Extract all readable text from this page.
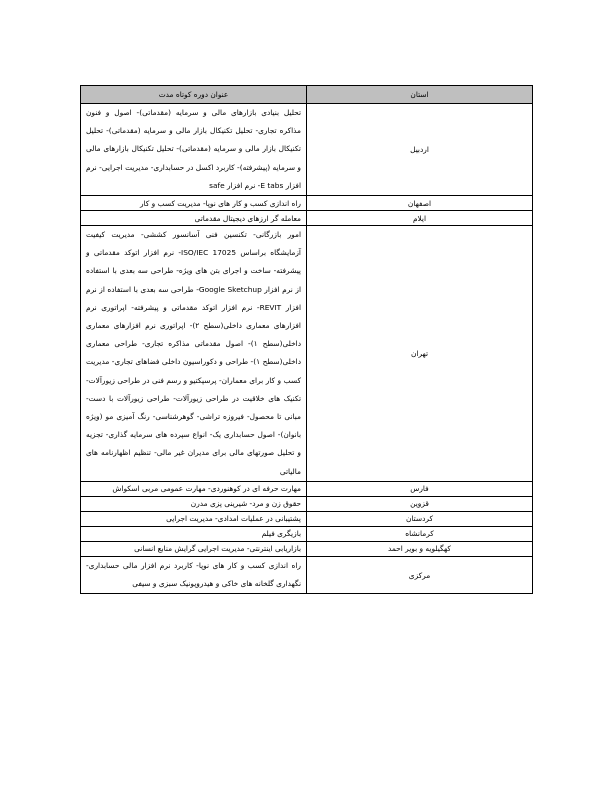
استان	عنوان دوره کوتاه مدت
اردبیل	تحلیل بنیادی بازارهای مالی و سرمایه (مقدماتی)- اصول و فنون مذاکره تجاری- تحلیل تکنیکال بازار مالی و سرمایه (مقدماتی)- تحلیل تکنیکال بازار مالی و سرمایه (مقدماتی)- تحلیل تکنیکال بازارهای مالی و سرمایه (پیشرفته)- کاربرد اکسل در حسابداری- مدیریت اجرایی- نرم افزار E tabs- نرم افزار safe
اصفهان	راه اندازی کسب و کار های نوپا- مدیریت کسب و کار
ایلام	معامله گر ارزهای دیجیتال مقدماتی
تهران	امور بازرگانی- تکنسین فنی آسانسور کششی- مدیریت کیفیت آزمایشگاه براساس ISO/IEC 17025- نرم افزار اتوکد مقدماتی و پیشرفته- ساخت و اجرای بتن های ویژه- طراحی سه بعدی با استفاده از نرم افزار Google Sketchup- طراحی سه بعدی با استفاده از نرم افزار REVIT- نرم افزار اتوکد مقدماتی و پیشرفته- اپراتوری نرم افزارهای معماری داخلی(سطح ۲)- اپراتوری نرم افزارهای معماری داخلی(سطح ۱)- اصول مقدماتی مذاکره تجاری- طراحی معماری داخلی(سطح ۱)- طراحی و دکوراسیون داخلی فضاهای تجاری- مدیریت کسب و کار برای معماران- پرسپکتیو و رسم فنی در طراحی زیورآلات- تکنیک های خلاقیت در طراحی زیورآلات- طراحی زیورآلات با دست- مبانی تا محصول- فیروزه تراشی- گوهرشناسی- رنگ آمیزی مو (ویژه بانوان)- اصول حسابداری یک- انواع سپرده های سرمایه گذاری- تجزیه و تحلیل صورتهای مالی برای مدیران غیر مالی- تنظیم اظهارنامه های مالیاتی
فارس	مهارت حرفه ای در کوهنوردی- مهارت عمومی مربی اسکواش
قزوین	حقوق زن و مرد- شیرینی پزی مدرن
کردستان	پشتیبانی در عملیات امدادی- مدیریت اجرایی
کرمانشاه	بازیگری فیلم
کهگیلویه و بویر احمد	بازاریابی اینترنتی- مدیریت اجرایی گرایش منابع انسانی
مرکزی	راه اندازی کسب و کار های نوپا- کاربرد نرم افزار مالی حسابداری- نگهداری گلخانه های خاکی و هیدروپونیک سبزی و سیفی
